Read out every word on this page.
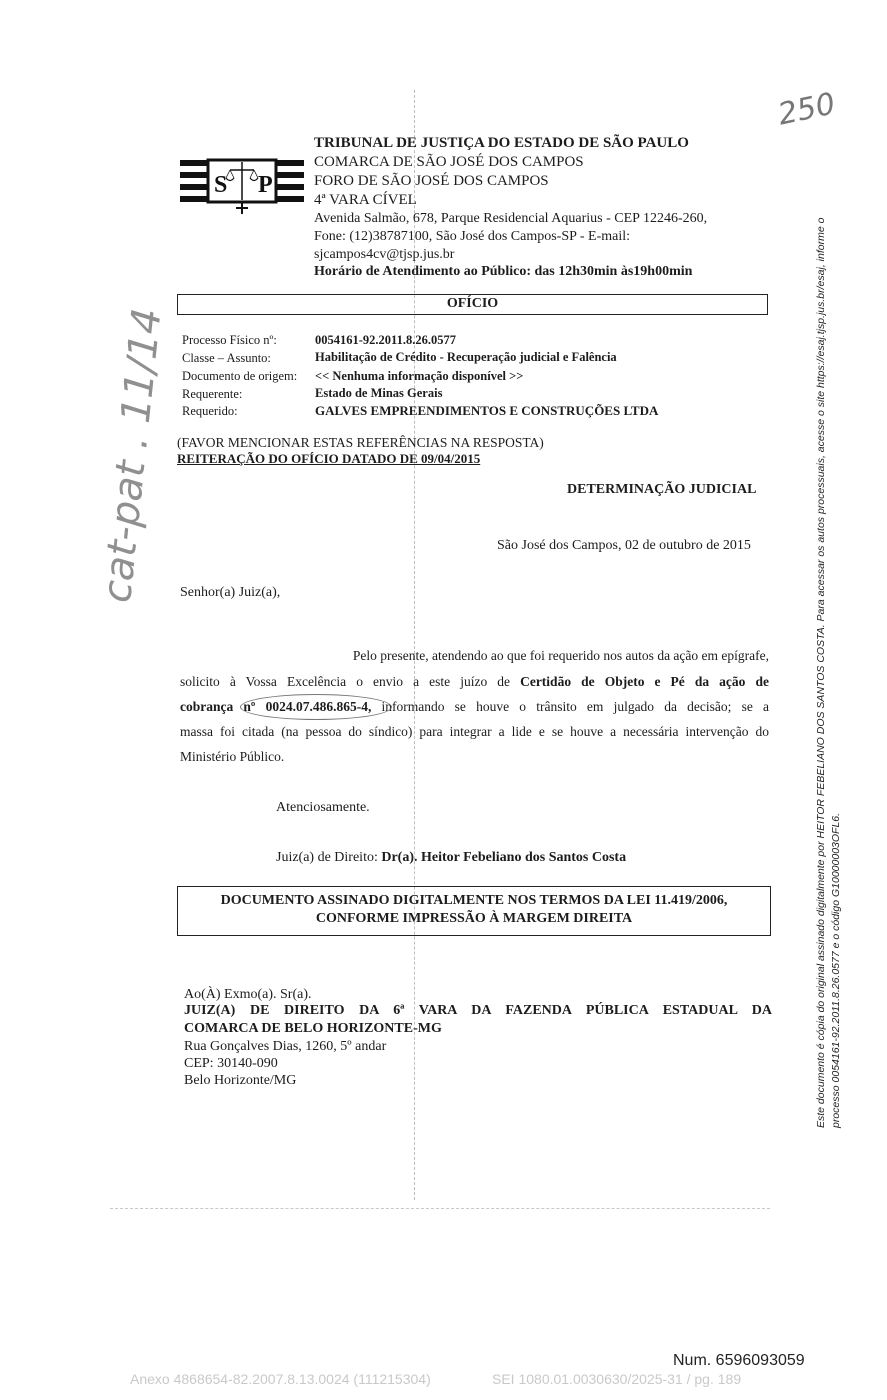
250
cat-pat . 11/14
S P
TRIBUNAL DE JUSTIÇA DO ESTADO DE SÃO PAULO
COMARCA DE SÃO JOSÉ DOS CAMPOS
FORO DE SÃO JOSÉ DOS CAMPOS
4ª VARA CÍVEL
Avenida Salmão, 678, Parque Residencial Aquarius - CEP 12246-260,
Fone: (12)38787100, São José dos Campos-SP - E-mail:
sjcampos4cv@tjsp.jus.br
Horário de Atendimento ao Público: das 12h30min às19h00min
OFÍCIO
Processo Físico nº:	0054161-92.2011.8.26.0577
Classe – Assunto:	Habilitação de Crédito - Recuperação judicial e Falência
Documento de origem: << Nenhuma informação disponível >>
Requerente:	Estado de Minas Gerais
Requerido:	GALVES EMPREENDIMENTOS E CONSTRUÇÕES LTDA
(FAVOR MENCIONAR ESTAS REFERÊNCIAS NA RESPOSTA)
REITERAÇÃO DO OFÍCIO DATADO DE 09/04/2015
DETERMINAÇÃO JUDICIAL
São José dos Campos, 02 de outubro de 2015
Senhor(a) Juiz(a),
Pelo presente, atendendo ao que foi requerido nos autos da ação em epígrafe,
solicito à Vossa Excelência o envio a este juízo de Certidão de Objeto e Pé da ação de
cobrança nº 0024.07.486.865-4, informando se houve o trânsito em julgado da decisão; se a
massa foi citada (na pessoa do síndico) para integrar a lide e se houve a necessária intervenção do
Ministério Público.
Atenciosamente.
Juiz(a) de Direito: Dr(a). Heitor Febeliano dos Santos Costa
DOCUMENTO ASSINADO DIGITALMENTE NOS TERMOS DA LEI 11.419/2006,
CONFORME IMPRESSÃO À MARGEM DIREITA
Ao(À) Exmo(a). Sr(a).
JUIZ(A) DE DIREITO DA 6ª VARA DA FAZENDA PÚBLICA ESTADUAL DA
COMARCA DE BELO HORIZONTE-MG
Rua Gonçalves Dias, 1260, 5º andar
CEP: 30140-090
Belo Horizonte/MG	Este documento é cópia do original assinado digitalmente por HEITOR FEBELIANO DOS SANTOS COSTA. Para acessar os autos processuais, acesse o site https://esaj.tjsp.jus.br/esaj, informe o processo 0054161-92.2011.8.26.0577 e o código G10000003OFL6.
Num. 6596093059
Anexo 4868654-82.2007.8.13.0024 (111215304)	SEI 1080.01.0030630/2025-31 / pg. 189
